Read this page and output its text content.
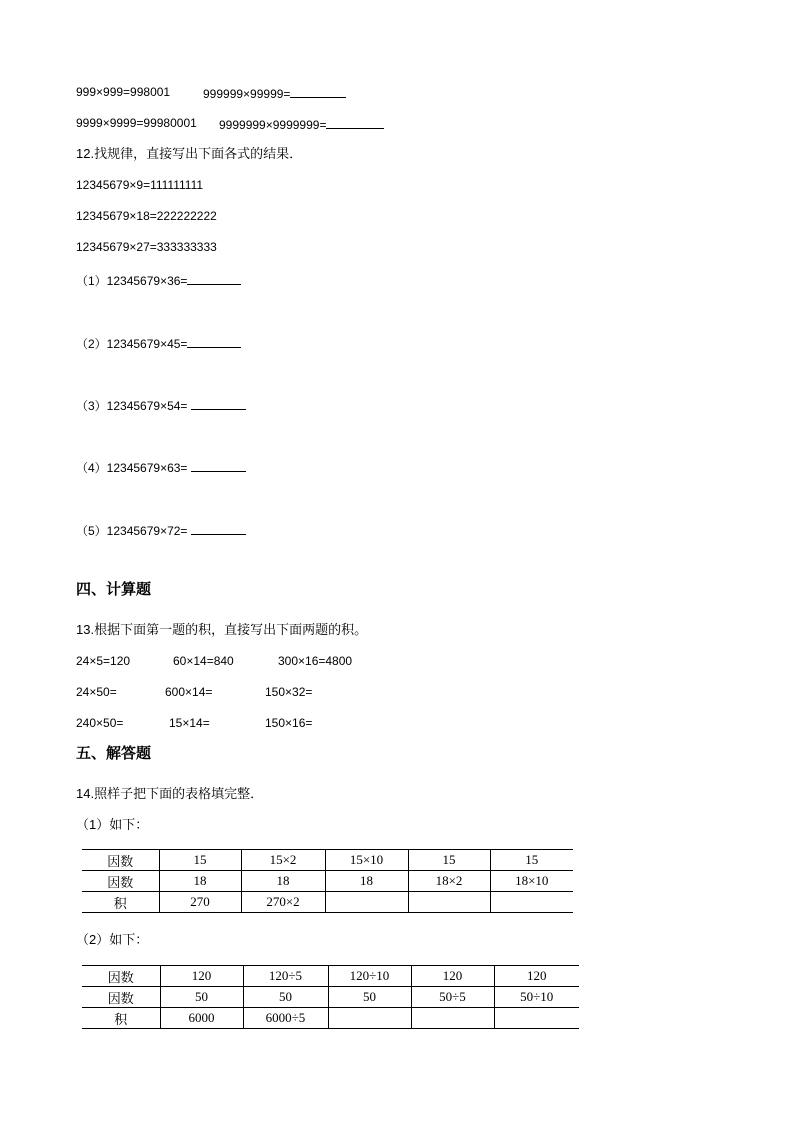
999×999=998001	999999×99999=
9999×9999=99980001 9999999×9999999=
12.找规律，直接写出下面各式的结果．
12345679×9=111111111
12345679×18=222222222
12345679×27=333333333
（1）12345679×36=
（2）12345679×45=
（3）12345679×54=
（4）12345679×63=
（5）12345679×72=
四、计算题
13.根据下面第一题的积，直接写出下面两题的积。
24×5=120	60×14=840	300×16=4800
24×50=	600×14=	150×32=
240×50=	15×14=	150×16=
五、解答题
14.照样子把下面的表格填完整．
（1）如下：
因数	15	15×2	15×10	15	15
因数	18	18	18	18×2	18×10
积	270	270×2			
（2）如下：
因数	120	120÷5	120÷10	120	120
因数	50	50	50	50÷5	50÷10
积	6000	6000÷5			
